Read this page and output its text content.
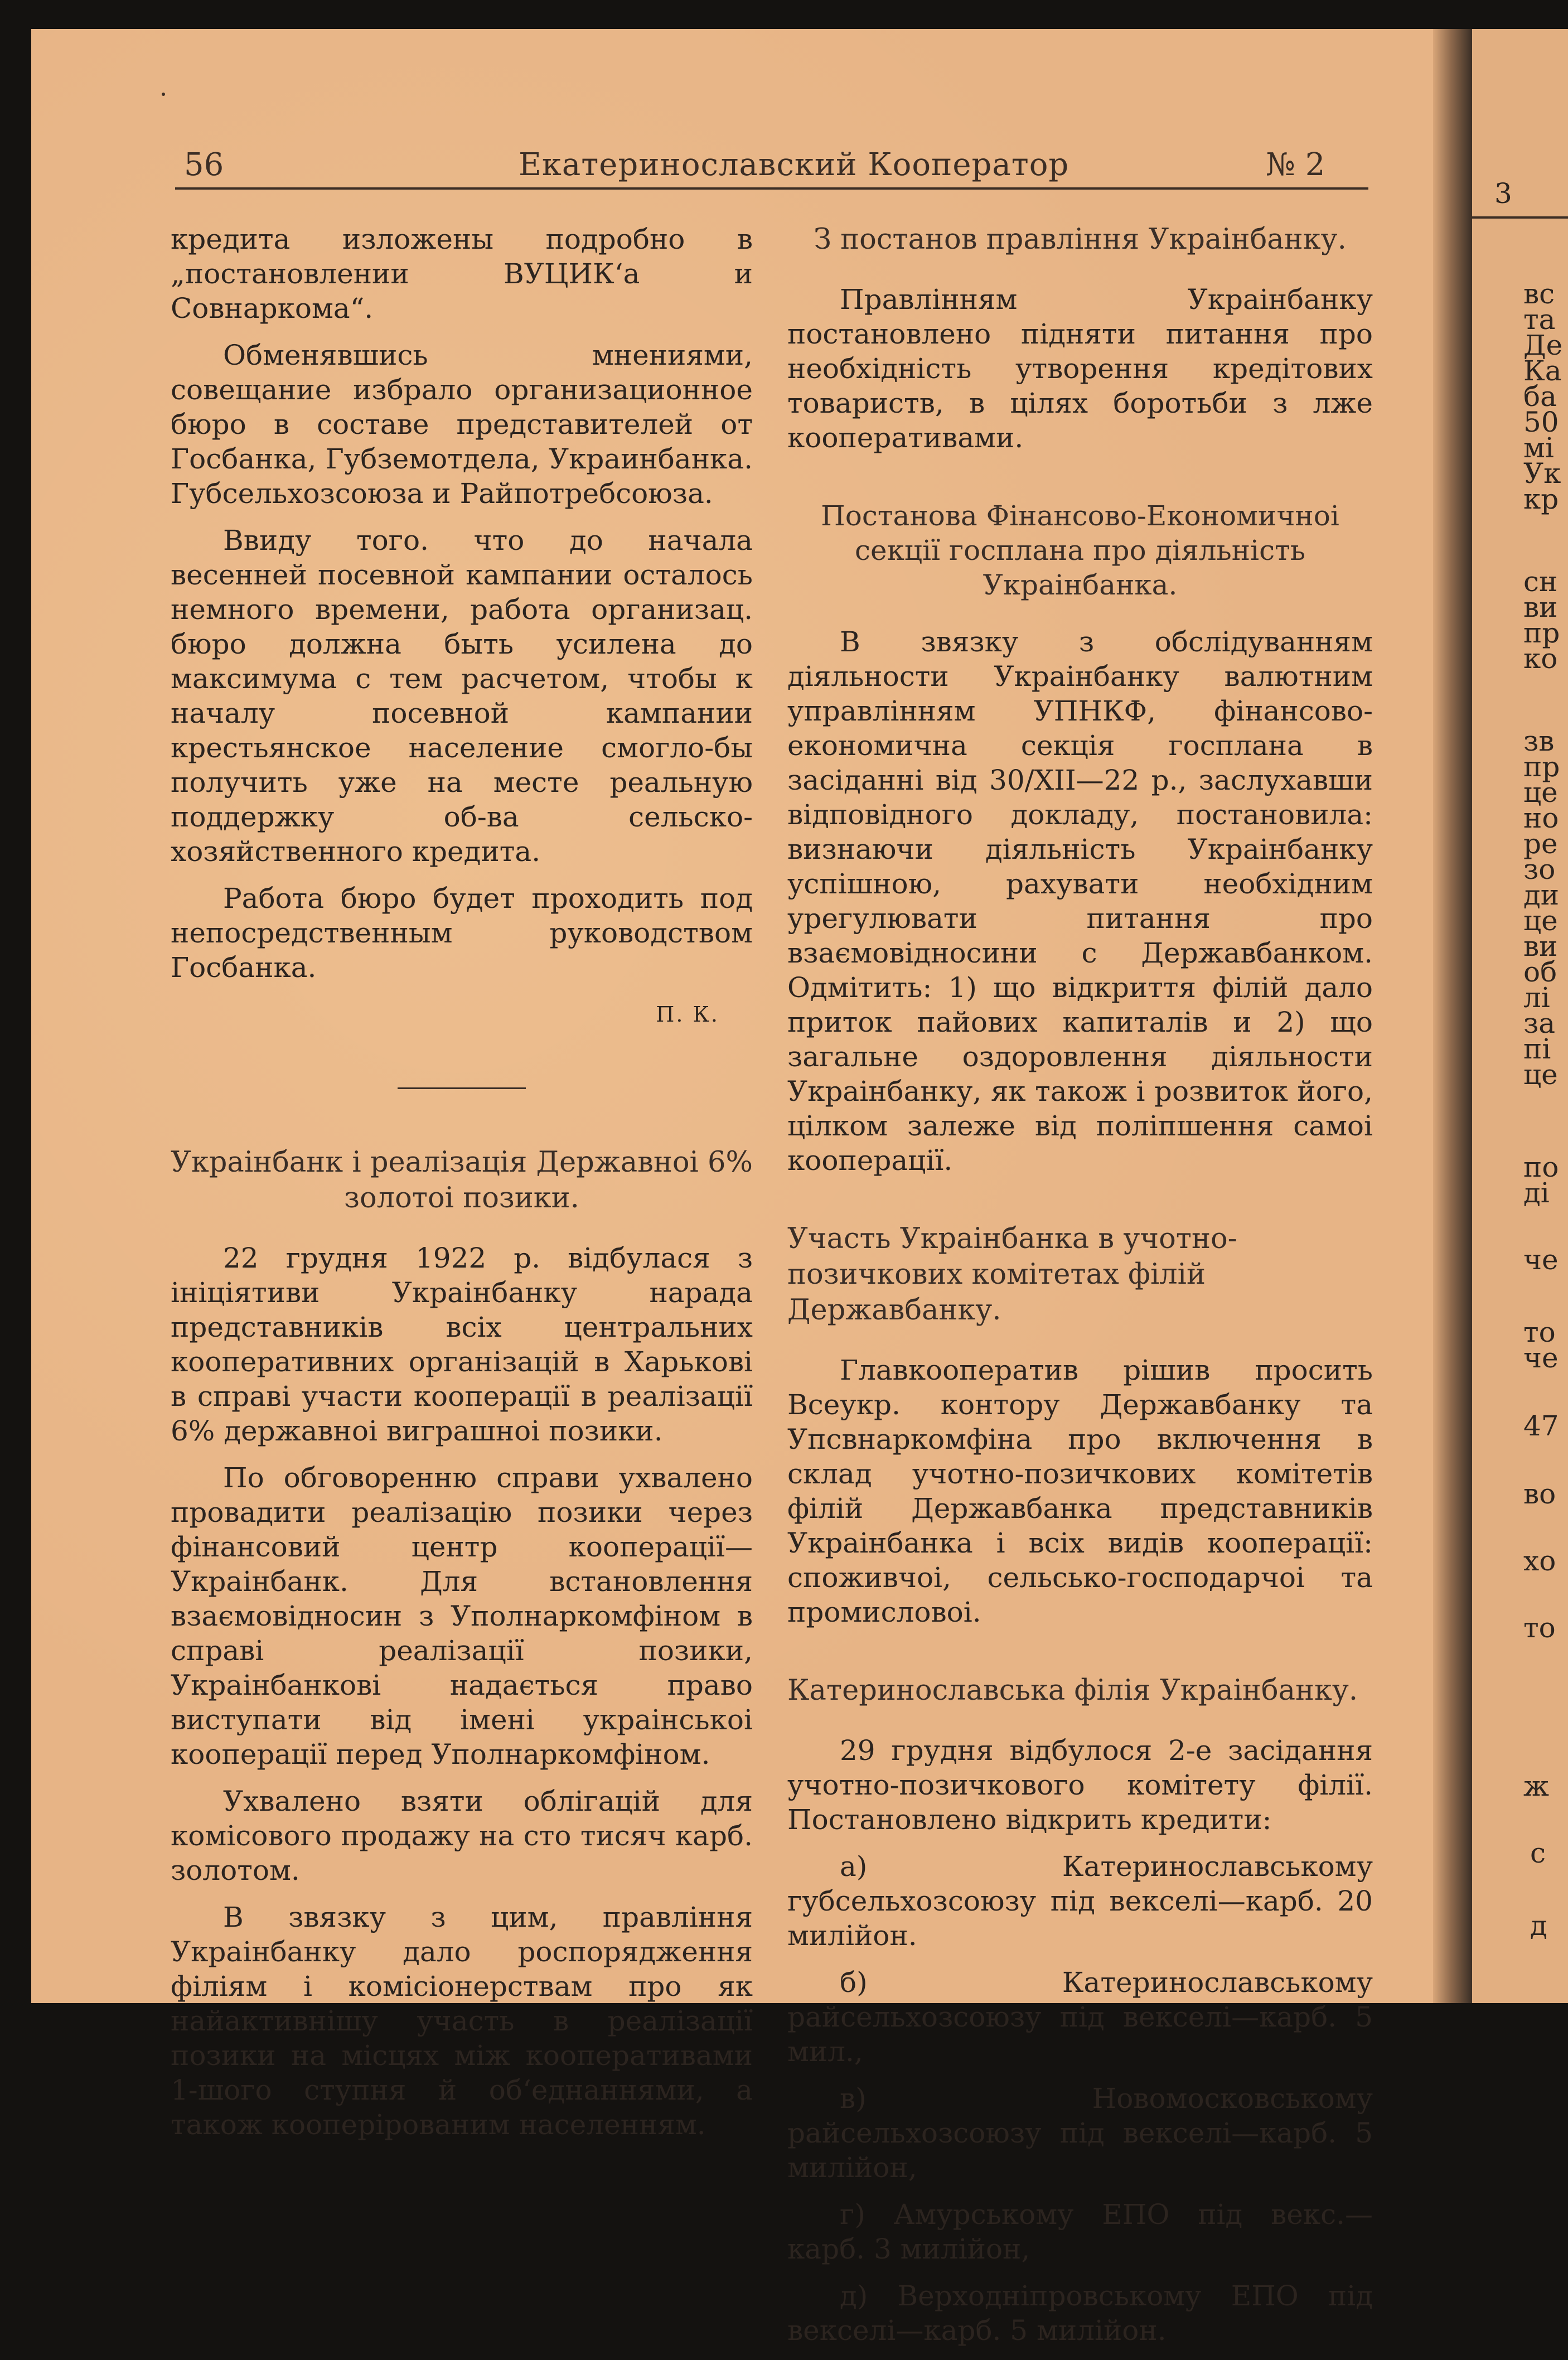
3
вс
та
Де
Ка
ба
50
мі
Ук
кр
сн
ви
пр
ко
зв
пр
це
но
ре
зо
ди
це
ви
об
лі
за
пі
це
по
ді
че
то
че
47
во
хо
то
ж
с
д
56	Екатеринославский Кооператор	№ 2

кредита изложены подробно в „постановлении ВУЦИК‘а и Совнаркома“.

Обменявшись мнениями, совещание избрало организационное бюро в составе представителей от Госбанка, Губземотдела, Украинбанка. Губсельхозсоюза и Райпотребсоюза.

Ввиду того. что до начала весенней посевной кампании осталось немного времени, работа организац. бюро должна быть усилена до максимума с тем расчетом, чтобы к началу посевной кампании крестьянское население смогло-бы получить уже на месте реальную поддержку об-ва сельско-хозяйственного кредита.

Работа бюро будет проходить под непосредственным руководством Госбанка.

П. К.
Украінбанк і реалізація Державноі 6% золотоі позики.

22 грудня 1922 р. відбулася з ініціятиви Украінбанку нарада представників всіх центральних кооперативних організацій в Харькові в справі участи кооперації в реалізації 6% державноі виграшноі позики.

По обговоренню справи ухвалено провадити реалізацію позики через фінансовий центр кооперації— Украінбанк. Для встановлення взаємовідносин з Уполнаркомфіном в справі реалізації позики, Украінбанкові надається право виступати від імені украінськоі кооперації перед Уполнаркомфіном.

Ухвалено взяти облігацій для комісового продажу на сто тисяч карб. золотом.

В звязку з цим, правління Украінбанку дало роспорядження філіям і комісіонерствам про як найактивнішу участь в реалізації позики на місцях між кооперативами 1-шого ступня й об‘еднаннями, а також кооперірованим населенням.

З постанов правління Украінбанку.

Правлінням Украінбанку постановлено підняти питання про необхідність утворення кредітових товариств, в цілях боротьби з лже кооперативами.

Постанова Фінансово-Економичноі секції госплана про діяльність Украінбанка.

В звязку з обслідуванням діяльности Украінбанку валютним управлінням УПНКФ, фінансово-економична секція госплана в засіданні від 30/XII—22 р., заслухавши відповідного докладу, постановила: визнаючи діяльність Украінбанку успішною, рахувати необхідним урегулювати питання про взаємовідносини с Державбанком. Одмітить: 1) що відкриття філій дало приток пайових капиталів и 2) що загальне оздоровлення діяльности Украінбанку, як також і розвиток його, цілком залеже від поліпшення самоі кооперації.

Участь Украінбанка в учотно-позичкових комітетах філій Державбанку.

Главкооператив рішив просить Всеукр. контору Державбанку та Упсвнаркомфіна про включення в склад учотно-позичкових комітетів філій Державбанка представників Украінбанка і всіх видів кооперації: споживчоі, сельсько-господарчоі та промисловоі.

Катеринославська філія Украінбанку.

29 грудня відбулося 2-е засідання учотно-позичкового комітету філії. Постановлено відкрить кредити:

а) Катеринославському губсельхозсоюзу під векселі—карб. 20 милійон.

б) Катеринославському райсельхозсоюзу під векселі—карб. 5 мил.,

в) Новомосковському райсельхозсоюзу під векселі—карб. 5 милійон,

г) Амурському ЕПО під векс.— карб. 3 милійон,

д) Верходніпровському ЕПО під векселі—карб. 5 милійон.
